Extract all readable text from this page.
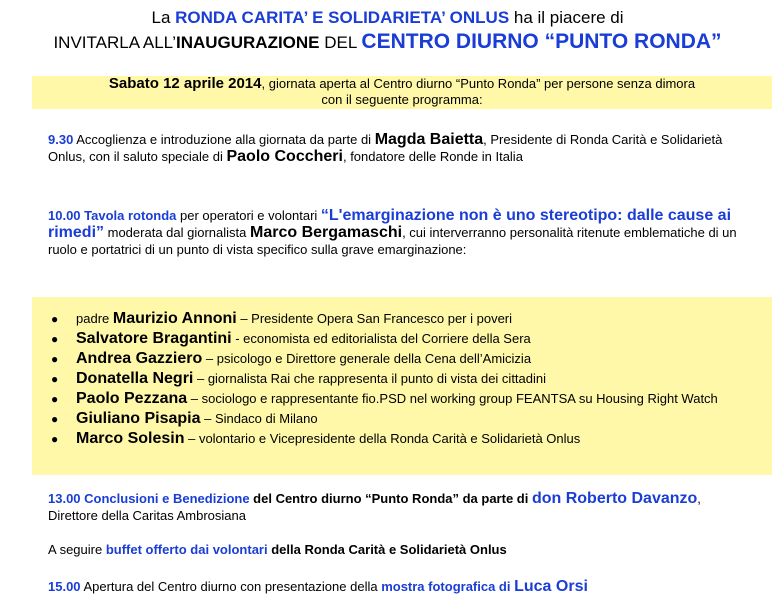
La RONDA CARITA’ E SOLIDARIETA’ ONLUS ha il piacere di
INVITARLA ALL’INAUGURAZIONE DEL CENTRO DIURNO “PUNTO RONDA”
Sabato 12 aprile 2014, giornata aperta al Centro diurno “Punto Ronda” per persone senza dimora
con il seguente programma:
9.30 Accoglienza e introduzione alla giornata da parte di Magda Baietta, Presidente di Ronda Carità e Solidarietà Onlus, con il saluto speciale di Paolo Coccheri, fondatore delle Ronde in Italia
10.00 Tavola rotonda per operatori e volontari “L'emarginazione non è uno stereotipo: dalle cause ai rimedi” moderata dal giornalista Marco Bergamaschi, cui interverranno personalità ritenute emblematiche di un ruolo e portatrici di un punto di vista specifico sulla grave emarginazione:
● padre Maurizio Annoni – Presidente Opera San Francesco per i poveri
● Salvatore Bragantini - economista ed editorialista del Corriere della Sera
● Andrea Gazziero – psicologo e Direttore generale della Cena dell’Amicizia
● Donatella Negri – giornalista Rai che rappresenta il punto di vista dei cittadini
● Paolo Pezzana – sociologo e rappresentante fio.PSD nel working group FEANTSA su Housing Right Watch
● Giuliano Pisapia – Sindaco di Milano
● Marco Solesin – volontario e Vicepresidente della Ronda Carità e Solidarietà Onlus
13.00 Conclusioni e Benedizione del Centro diurno “Punto Ronda” da parte di don Roberto Davanzo, Direttore della Caritas Ambrosiana
A seguire buffet offerto dai volontari della Ronda Carità e Solidarietà Onlus
15.00 Apertura del Centro diurno con presentazione della mostra fotografica di Luca Orsi
